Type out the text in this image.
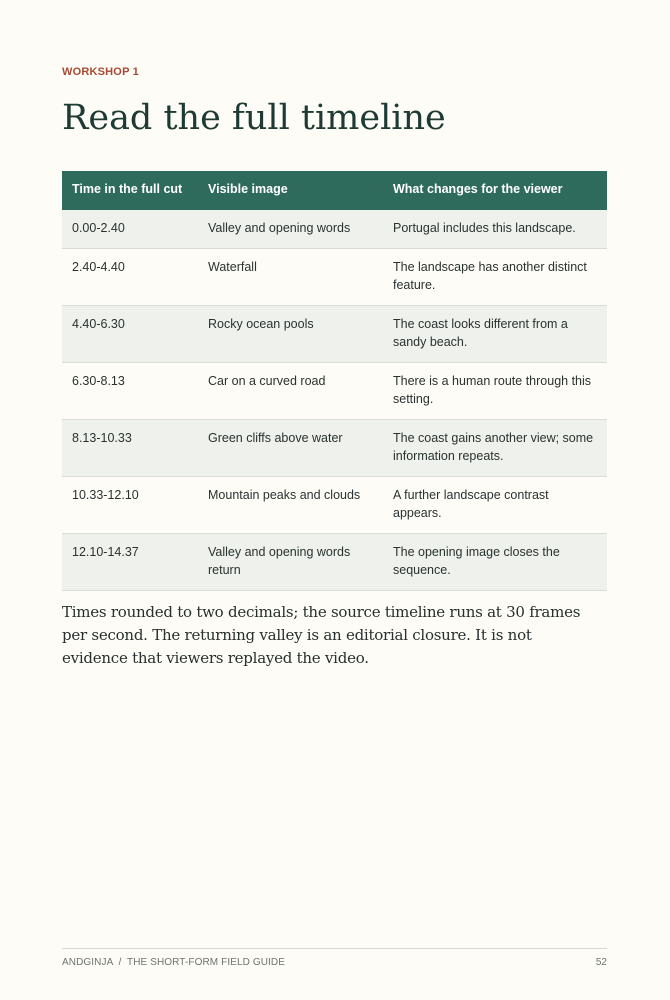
WORKSHOP 1
Read the full timeline
Time in the full cut	Visible image	What changes for the viewer
0.00-2.40	Valley and opening words	Portugal includes this landscape.
2.40-4.40	Waterfall	The landscape has another distinct feature.
4.40-6.30	Rocky ocean pools	The coast looks different from a sandy beach.
6.30-8.13	Car on a curved road	There is a human route through this setting.
8.13-10.33	Green cliffs above water	The coast gains another view; some information repeats.
10.33-12.10	Mountain peaks and clouds	A further landscape contrast appears.
12.10-14.37	Valley and opening words return	The opening image closes the sequence.

Times rounded to two decimals; the source timeline runs at 30 frames per second. The returning valley is an editorial closure. It is not evidence that viewers replayed the video.

ANDGINJA  /  THE SHORT-FORM FIELD GUIDE	52
